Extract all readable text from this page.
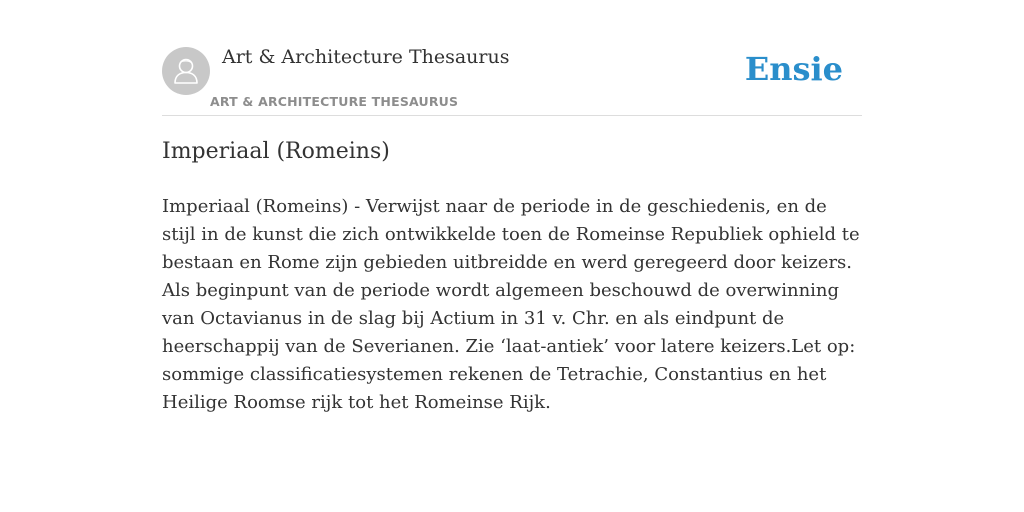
Art & Architecture Thesaurus
ART & ARCHITECTURE THESAURUS
Ensie
Imperiaal (Romeins)

Imperiaal (Romeins) - Verwijst naar de periode in de geschiedenis, en de stijl in de kunst die zich ontwikkelde toen de Romeinse Republiek ophield te bestaan en Rome zijn gebieden uitbreidde en werd geregeerd door keizers. Als beginpunt van de periode wordt algemeen beschouwd de overwinning van Octavianus in de slag bij Actium in 31 v. Chr. en als eindpunt de heerschappij van de Severianen. Zie ‘laat-antiek’ voor latere keizers.Let op: sommige classificatiesystemen rekenen de Tetrachie, Constantius en het Heilige Roomse rijk tot het Romeinse Rijk.
